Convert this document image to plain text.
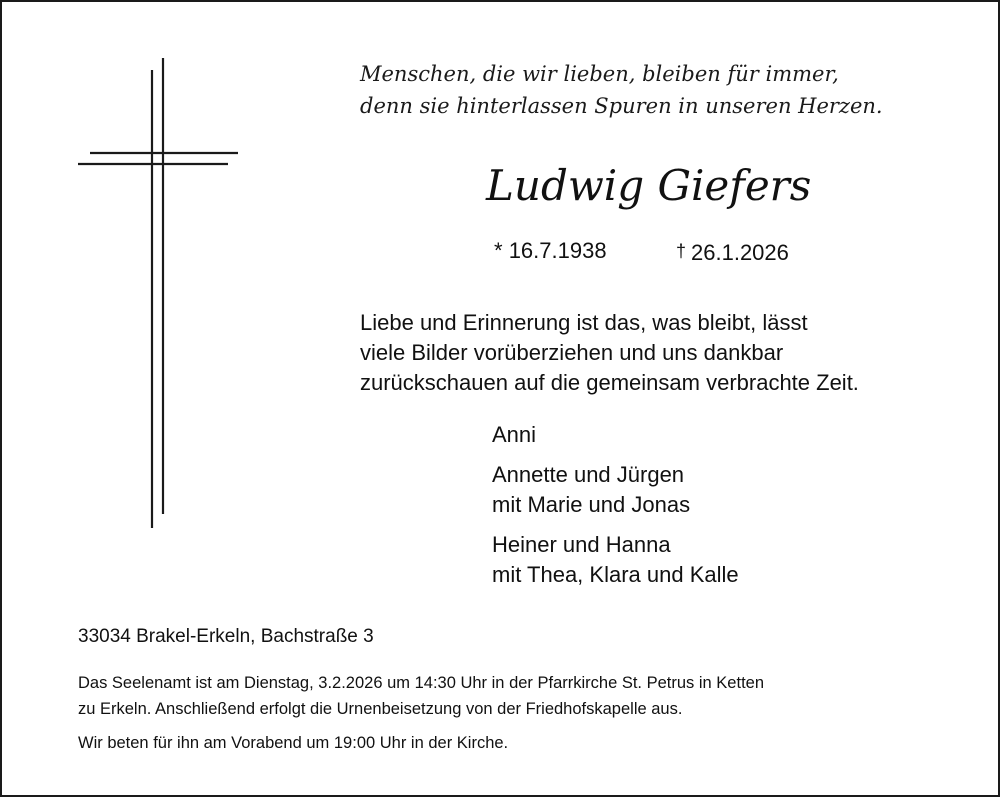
Menschen, die wir lieben, bleiben für immer,
denn sie hinterlassen Spuren in unseren Herzen.
Ludwig Giefers
* 16.7.1938	† 26.1.2026
Liebe und Erinnerung ist das, was bleibt, lässt
viele Bilder vorüberziehen und uns dankbar
zurückschauen auf die gemeinsam verbrachte Zeit.
Anni
Annette und Jürgen
mit Marie und Jonas
Heiner und Hanna
mit Thea, Klara und Kalle
33034 Brakel-Erkeln, Bachstraße 3
Das Seelenamt ist am Dienstag, 3.2.2026 um 14:30 Uhr in der Pfarrkirche St. Petrus in Ketten
zu Erkeln. Anschließend erfolgt die Urnenbeisetzung von der Friedhofskapelle aus.
Wir beten für ihn am Vorabend um 19:00 Uhr in der Kirche.
